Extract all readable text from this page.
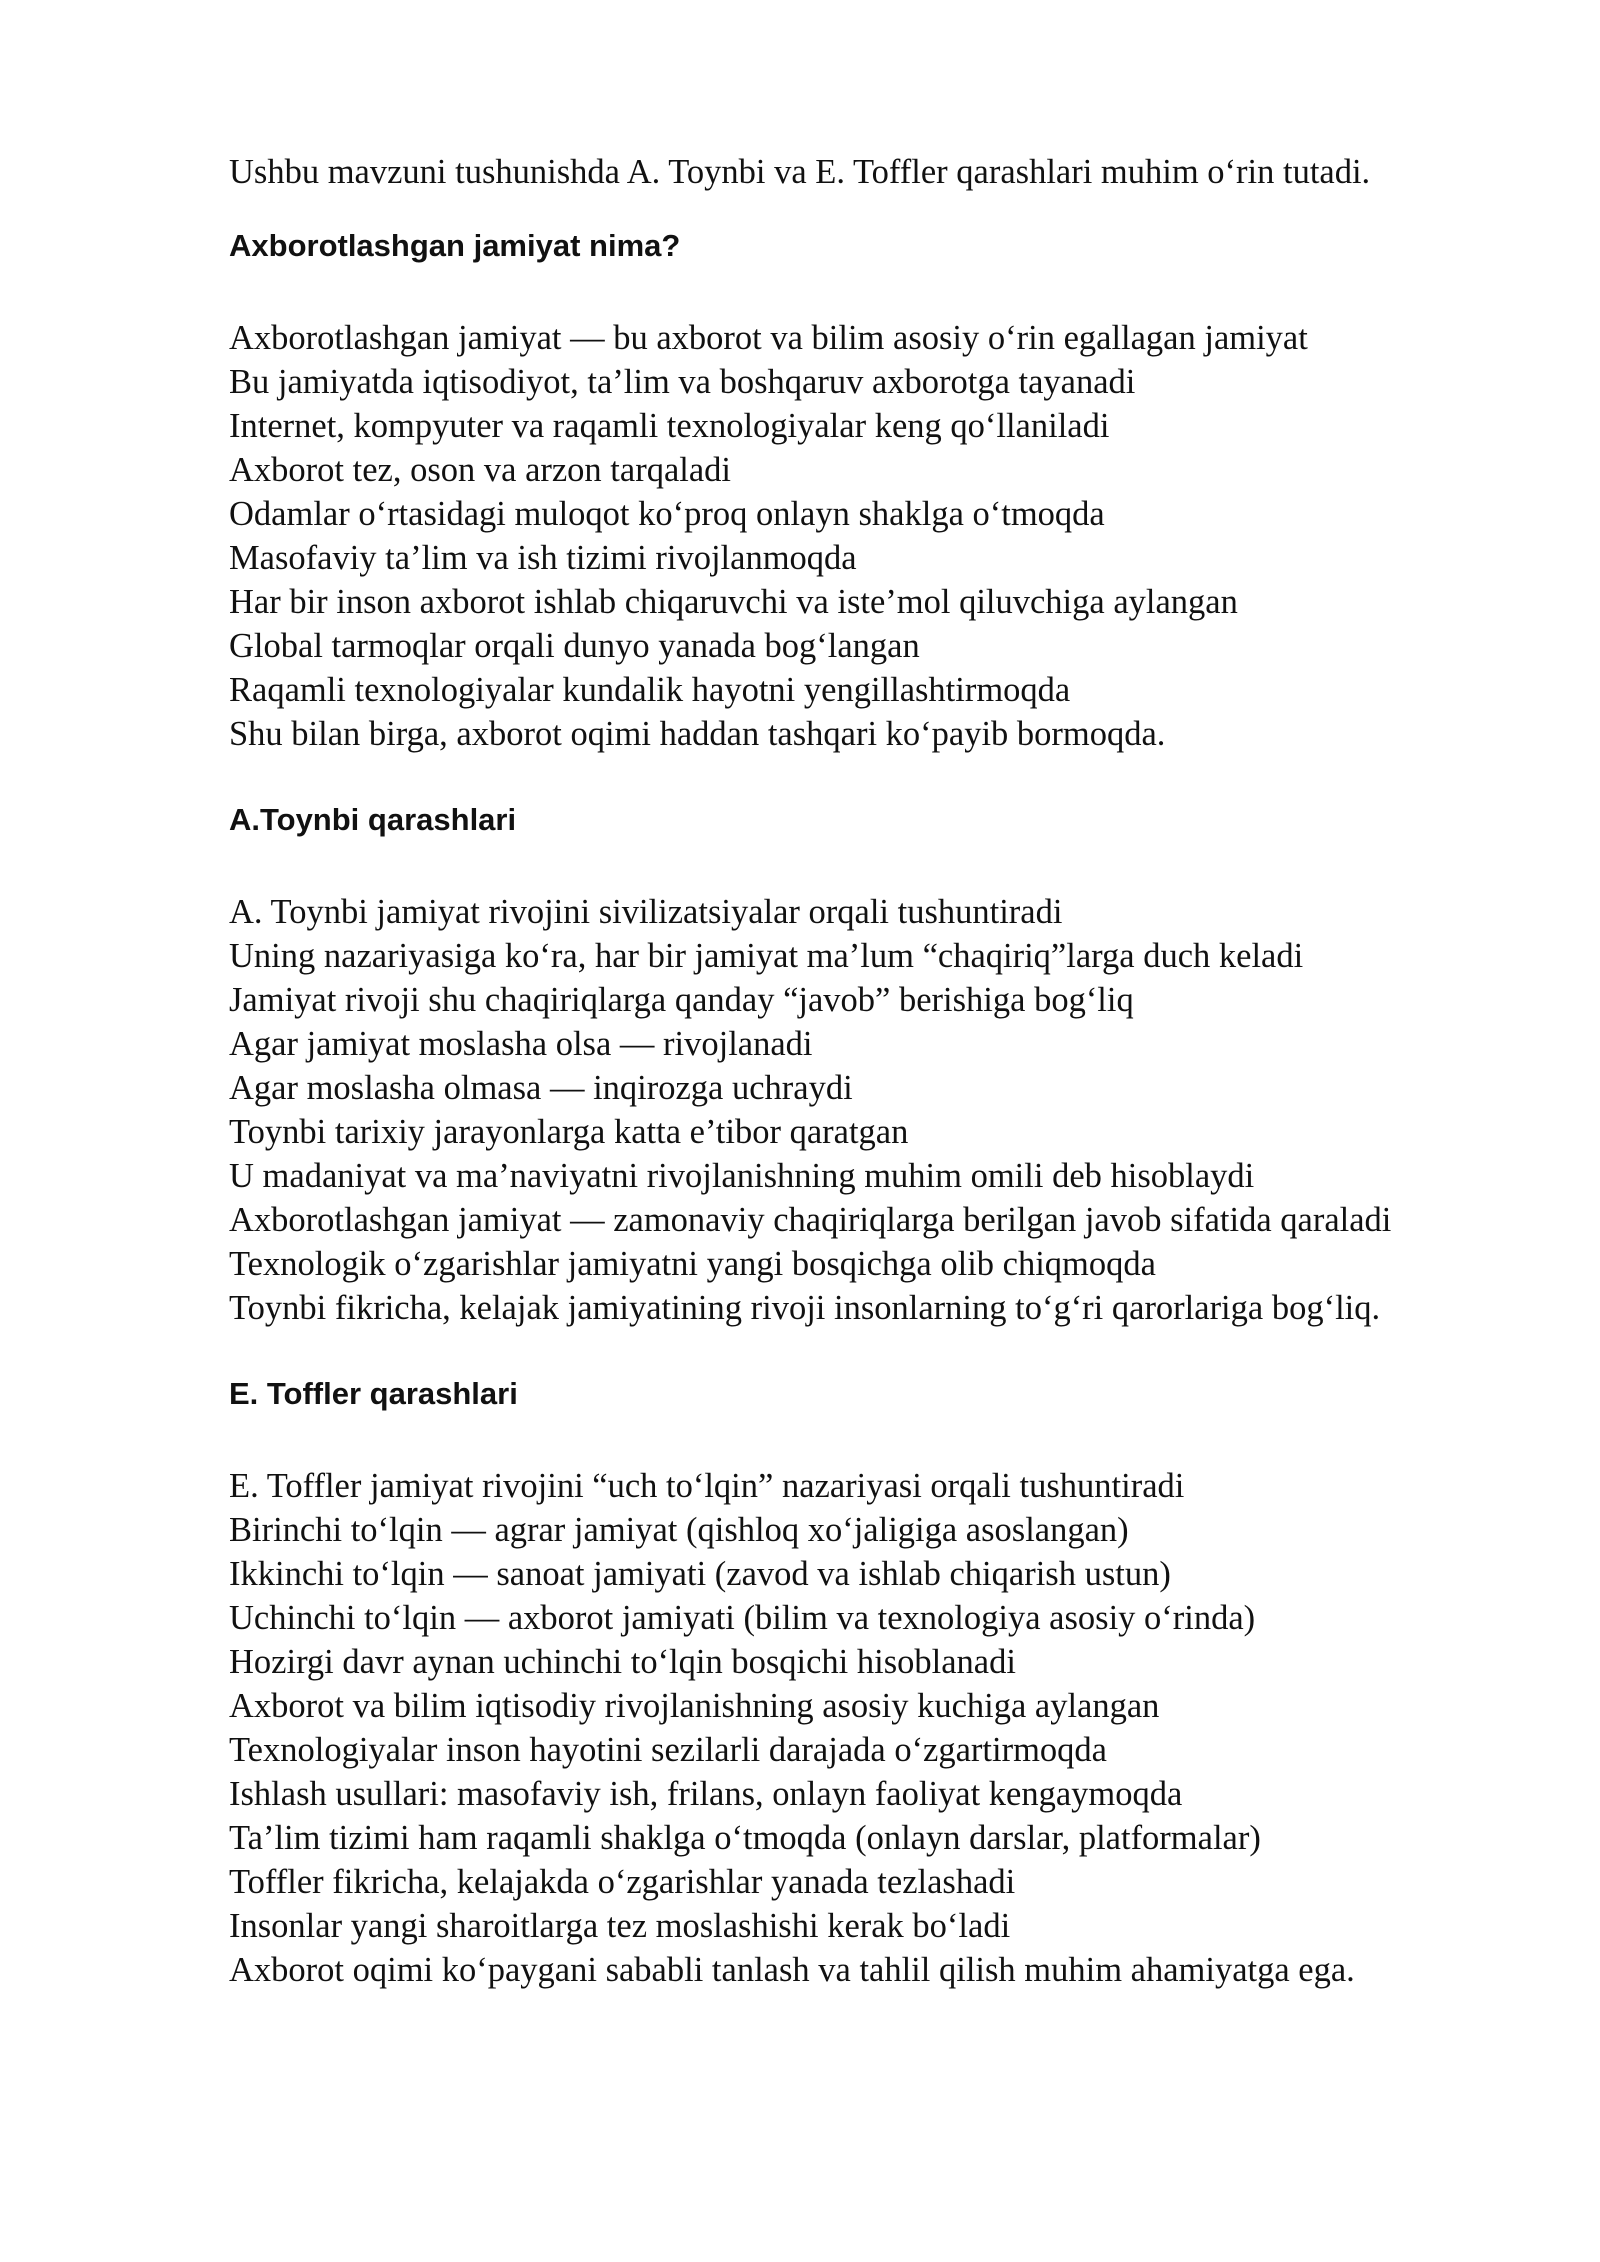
Ushbu mavzuni tushunishda A. Toynbi va E. Toffler qarashlari muhim o‘rin tutadi.

Axborotlashgan jamiyat nima?

Axborotlashgan jamiyat — bu axborot va bilim asosiy o‘rin egallagan jamiyat

Bu jamiyatda iqtisodiyot, ta’lim va boshqaruv axborotga tayanadi

Internet, kompyuter va raqamli texnologiyalar keng qo‘llaniladi

Axborot tez, oson va arzon tarqaladi

Odamlar o‘rtasidagi muloqot ko‘proq onlayn shaklga o‘tmoqda

Masofaviy ta’lim va ish tizimi rivojlanmoqda

Har bir inson axborot ishlab chiqaruvchi va iste’mol qiluvchiga aylangan

Global tarmoqlar orqali dunyo yanada bog‘langan

Raqamli texnologiyalar kundalik hayotni yengillashtirmoqda

Shu bilan birga, axborot oqimi haddan tashqari ko‘payib bormoqda.

A.Toynbi qarashlari

A. Toynbi jamiyat rivojini sivilizatsiyalar orqali tushuntiradi

Uning nazariyasiga ko‘ra, har bir jamiyat ma’lum “chaqiriq”larga duch keladi

Jamiyat rivoji shu chaqiriqlarga qanday “javob” berishiga bog‘liq

Agar jamiyat moslasha olsa — rivojlanadi

Agar moslasha olmasa — inqirozga uchraydi

Toynbi tarixiy jarayonlarga katta e’tibor qaratgan

U madaniyat va ma’naviyatni rivojlanishning muhim omili deb hisoblaydi

Axborotlashgan jamiyat — zamonaviy chaqiriqlarga berilgan javob sifatida qaraladi

Texnologik o‘zgarishlar jamiyatni yangi bosqichga olib chiqmoqda

Toynbi fikricha, kelajak jamiyatining rivoji insonlarning to‘g‘ri qarorlariga bog‘liq.

E. Toffler qarashlari

E. Toffler jamiyat rivojini “uch to‘lqin” nazariyasi orqali tushuntiradi

Birinchi to‘lqin — agrar jamiyat (qishloq xo‘jaligiga asoslangan)

Ikkinchi to‘lqin — sanoat jamiyati (zavod va ishlab chiqarish ustun)

Uchinchi to‘lqin — axborot jamiyati (bilim va texnologiya asosiy o‘rinda)

Hozirgi davr aynan uchinchi to‘lqin bosqichi hisoblanadi

Axborot va bilim iqtisodiy rivojlanishning asosiy kuchiga aylangan

Texnologiyalar inson hayotini sezilarli darajada o‘zgartirmoqda

Ishlash usullari: masofaviy ish, frilans, onlayn faoliyat kengaymoqda

Ta’lim tizimi ham raqamli shaklga o‘tmoqda (onlayn darslar, platformalar)

Toffler fikricha, kelajakda o‘zgarishlar yanada tezlashadi

Insonlar yangi sharoitlarga tez moslashishi kerak bo‘ladi

Axborot oqimi ko‘paygani sababli tanlash va tahlil qilish muhim ahamiyatga ega.
